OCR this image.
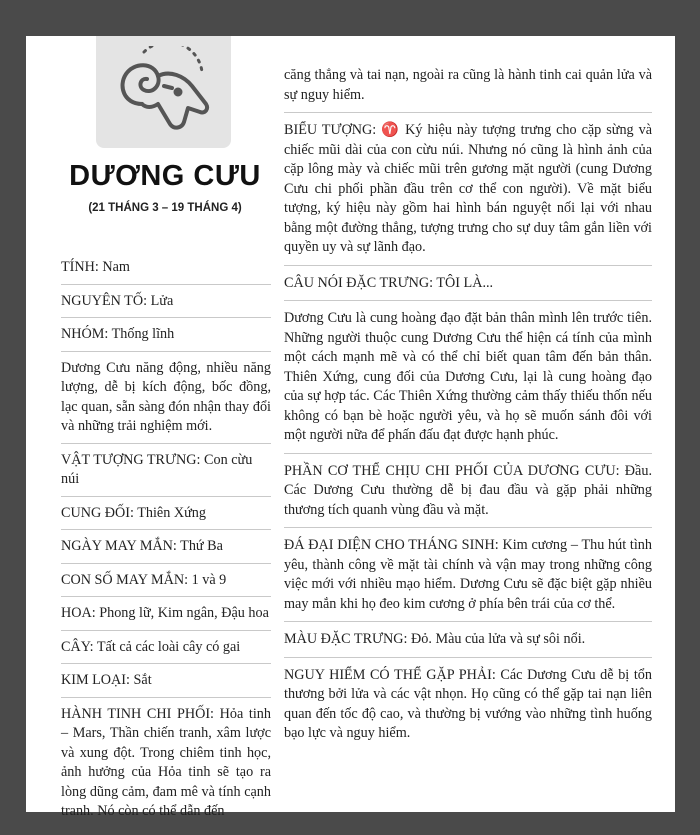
DƯƠNG CƯU
(21 THÁNG 3 – 19 THÁNG 4)
TÍNH: Nam
NGUYÊN TỐ: Lửa
NHÓM: Thống lĩnh
Dương Cưu năng động, nhiều năng lượng, dễ bị kích động, bốc đồng, lạc quan, sẵn sàng đón nhận thay đổi và những trải nghiệm mới.
VẬT TƯỢNG TRƯNG: Con cừu núi
CUNG ĐỐI: Thiên Xứng
NGÀY MAY MẮN: Thứ Ba
CON SỐ MAY MẮN: 1 và 9
HOA: Phong lữ, Kim ngân, Đậu hoa
CÂY: Tất cả các loài cây có gai
KIM LOẠI: Sắt
HÀNH TINH CHI PHỐI: Hỏa tinh – Mars, Thần chiến tranh, xâm lược và xung đột. Trong chiêm tinh học, ảnh hưởng của Hỏa tinh sẽ tạo ra lòng dũng cảm, đam mê và tính cạnh tranh. Nó còn có thể dẫn đến
căng thẳng và tai nạn, ngoài ra cũng là hành tinh cai quản lửa và sự nguy hiểm.
BIỂU TƯỢNG: ♈ Ký hiệu này tượng trưng cho cặp sừng và chiếc mũi dài của con cừu núi. Nhưng nó cũng là hình ảnh của cặp lông mày và chiếc mũi trên gương mặt người (cung Dương Cưu chi phối phần đầu trên cơ thể con người). Về mặt biểu tượng, ký hiệu này gồm hai hình bán nguyệt nối lại với nhau bằng một đường thẳng, tượng trưng cho sự duy tâm gắn liền với quyền uy và sự lãnh đạo.
CÂU NÓI ĐẶC TRƯNG: TÔI LÀ...
Dương Cưu là cung hoàng đạo đặt bản thân mình lên trước tiên. Những người thuộc cung Dương Cưu thể hiện cá tính của mình một cách mạnh mẽ và có thể chỉ biết quan tâm đến bản thân. Thiên Xứng, cung đối của Dương Cưu, lại là cung hoàng đạo của sự hợp tác. Các Thiên Xứng thường cảm thấy thiếu thốn nếu không có bạn bè hoặc người yêu, và họ sẽ muốn sánh đôi với một người nữa để phấn đấu đạt được hạnh phúc.
PHẦN CƠ THỂ CHỊU CHI PHỐI CỦA DƯƠNG CƯU: Đầu. Các Dương Cưu thường dễ bị đau đầu và gặp phải những thương tích quanh vùng đầu và mặt.
ĐÁ ĐẠI DIỆN CHO THÁNG SINH: Kim cương – Thu hút tình yêu, thành công về mặt tài chính và vận may trong những công việc mới với nhiều mạo hiểm. Dương Cưu sẽ đặc biệt gặp nhiều may mắn khi họ đeo kim cương ở phía bên trái của cơ thể.
MÀU ĐẶC TRƯNG: Đỏ. Màu của lửa và sự sôi nổi.
NGUY HIỂM CÓ THỂ GẶP PHẢI: Các Dương Cưu dễ bị tổn thương bởi lửa và các vật nhọn. Họ cũng có thể gặp tai nạn liên quan đến tốc độ cao, và thường bị vướng vào những tình huống bạo lực và nguy hiểm.
